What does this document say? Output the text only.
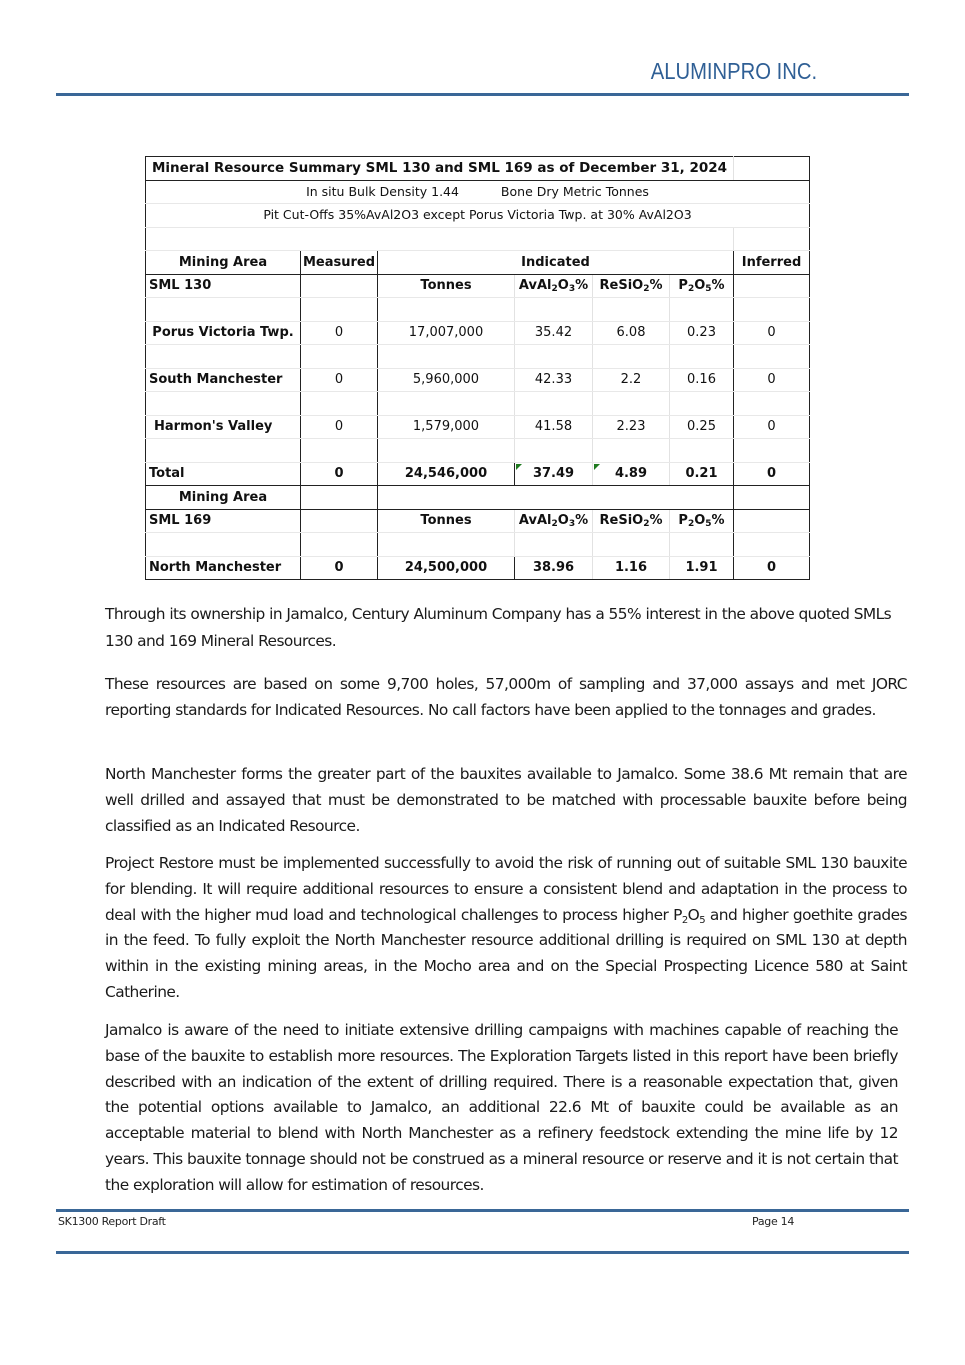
ALUMINPRO INC.
Mineral Resource Summary SML 130 and SML 169 as of December 31, 2024						
In situ Bulk Density 1.44 Bone Dry Metric Tonnes						
Pit Cut-Offs 35%AvAl2O3 except Porus Victoria Twp. at 30% AvAl2O3						

Mining Area	Measured	Indicated				Inferred
SML 130		Tonnes	$AvAl_2O_3\%$	ReSiO$_2$%	$P_2O_5\%$	

Porus Victoria Twp.	0	17,007,000	35.42	6.08	0.23	0

South Manchester	0	5,960,000	42.33	2.2	0.16	0

Harmon's Valley	0	1,579,000	41.58	2.23	0.25	0

Total	0	24,546,000	37.49	4.89	0.21	0
Mining Area						
SML 169		Tonnes	$AvAl_2O_3\%$	ReSiO$_2$%	$P_2O_5\%$	

North Manchester	0	24,500,000	38.96	1.16	1.91	0

Through its ownership in Jamalco, Century Aluminum Company has a 55% interest in the above quoted SMLs 130 and 169 Mineral Resources.

These resources are based on some 9,700 holes, 57,000m of sampling and 37,000 assays and met JORC reporting standards for Indicated Resources. No call factors have been applied to the tonnages and grades.

North Manchester forms the greater part of the bauxites available to Jamalco. Some 38.6 Mt remain that are well drilled and assayed that must be demonstrated to be matched with processable bauxite before being classified as an Indicated Resource.

Project Restore must be implemented successfully to avoid the risk of running out of suitable SML 130 bauxite for blending. It will require additional resources to ensure a consistent blend and adaptation in the process to deal with the higher mud load and technological challenges to process higher $P_2O_5$ and higher goethite grades in the feed. To fully exploit the North Manchester resource additional drilling is required on SML 130 at depth within in the existing mining areas, in the Mocho area and on the Special Prospecting Licence 580 at Saint Catherine.

Jamalco is aware of the need to initiate extensive drilling campaigns with machines capable of reaching the base of the bauxite to establish more resources. The Exploration Targets listed in this report have been briefly described with an indication of the extent of drilling required. There is a reasonable expectation that, given the potential options available to Jamalco, an additional 22.6 Mt of bauxite could be available as an acceptable material to blend with North Manchester as a refinery feedstock extending the mine life by 12 years. This bauxite tonnage should not be construed as a mineral resource or reserve and it is not certain that the exploration will allow for estimation of resources.

SK1300 Report Draft	Page 14
